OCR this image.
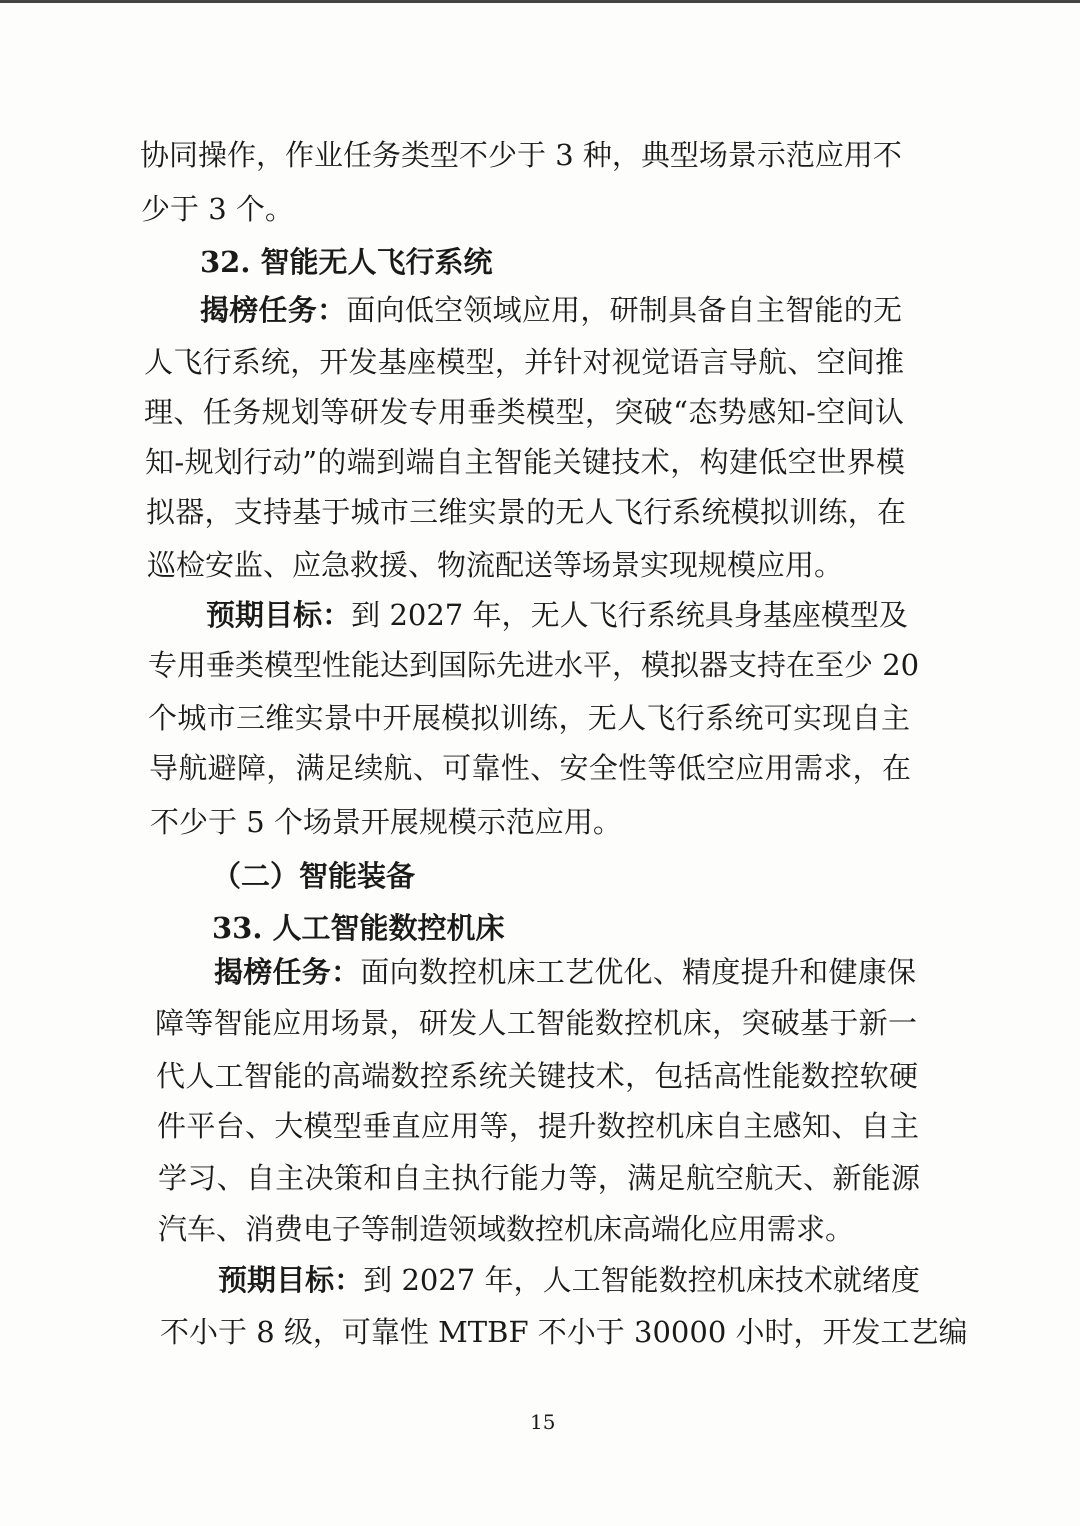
协同操作，作业任务类型不少于 3 种，典型场景示范应用不
少于 3 个。
32. 智能无人飞行系统
揭榜任务：面向低空领域应用，研制具备自主智能的无
人飞行系统，开发基座模型，并针对视觉语言导航、空间推
理、任务规划等研发专用垂类模型，突破“态势感知-空间认
知-规划行动”的端到端自主智能关键技术，构建低空世界模
拟器，支持基于城市三维实景的无人飞行系统模拟训练，在
巡检安监、应急救援、物流配送等场景实现规模应用。
预期目标：到 2027 年，无人飞行系统具身基座模型及
专用垂类模型性能达到国际先进水平，模拟器支持在至少 20
个城市三维实景中开展模拟训练，无人飞行系统可实现自主
导航避障，满足续航、可靠性、安全性等低空应用需求，在
不少于 5 个场景开展规模示范应用。
（二）智能装备
33. 人工智能数控机床
揭榜任务：面向数控机床工艺优化、精度提升和健康保
障等智能应用场景，研发人工智能数控机床，突破基于新一
代人工智能的高端数控系统关键技术，包括高性能数控软硬
件平台、大模型垂直应用等，提升数控机床自主感知、自主
学习、自主决策和自主执行能力等，满足航空航天、新能源
汽车、消费电子等制造领域数控机床高端化应用需求。
预期目标：到 2027 年，人工智能数控机床技术就绪度
不小于 8 级，可靠性 MTBF 不小于 30000 小时，开发工艺编
15
